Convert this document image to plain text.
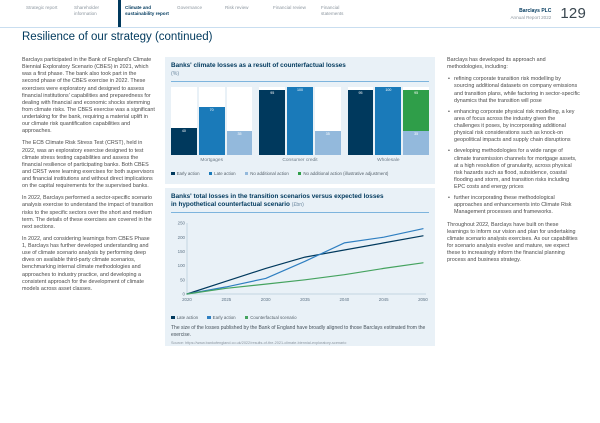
Strategic report	Shareholder information
Climate and sustainability report
Governance	Risk review	Financial review	Financial statements	Barclays PLC
Annual Report 2022 129
Resilience of our strategy (continued)

Barclays participated in the Bank of England's Climate Biennial Exploratory Scenario (CBES) in 2021, which was a first phase. The bank also took part in the second phase of the CBES exercise in 2022. These exercises were exploratory and designed to assess financial institutions' capabilities and preparedness for dealing with financial and economic shocks stemming from climate risks. The CBES exercise was a significant undertaking for the bank, requiring a material uplift in our climate risk quantification capabilities and approaches.

The ECB Climate Risk Stress Test (CRST), held in 2022, was an exploratory exercise designed to test climate stress testing capabilities and assess the financial resilience of participating banks. Both CBES and CRST were learning exercises for both supervisors and financial institutions and without direct implications on the capital requirements for the supervised banks.

In 2022, Barclays performed a sector-specific scenario analysis exercise to understand the impact of transition risks to the specific sectors over the short and medium term. The details of these exercises are covered in the next sections.

In 2022, and considering learnings from CBES Phase 1, Barclays has further developed understanding and use of climate scenario analysis by performing deep dives on available third-party climate scenarios, benchmarking internal climate methodologies and approaches to industry practice, and developing a consistent approach for the development of climate models across asset classes.

Banks' climate losses as a result of counterfactual losses
(%)
40
70
35
Mortgages
95
100
35
Consumer credit
95
100
35
95
Wholesale
Early action	Late action	No additional action	No additional action (illustrative adjustment)
Banks' total losses in the transition scenarios versus expected losses
in hypothetical counterfactual scenario (£bn)
0
50
100
150
200
250
2020	2025	2030	2035	2040	2045	2050
Late action	Early action	Counterfactual scenario
The size of the losses published by the Bank of England have broadly aligned to those Barclays estimated from the exercise.
Source: https://www.bankofengland.co.uk/2022/results-of-the-2021-climate-biennial-exploratory-scenario

Barclays has developed its approach and methodologies, including:

• refining corporate transition risk modelling by sourcing additional datasets on company emissions and transition plans, while factoring in sector-specific dynamics that the transition will pose
• enhancing corporate physical risk modelling, a key area of focus across the industry given the challenges it poses, by incorporating additional physical risk considerations such as knock-on geopolitical impacts and supply chain disruptions
• developing methodologies for a wide range of climate transmission channels for mortgage assets, at a high resolution of granularity, across physical risk hazards such as flood, subsidence, coastal flooding and storm, and transition risks including EPC costs and energy prices
• further incorporating these methodological approaches and enhancements into Climate Risk Management processes and frameworks.

Throughout 2022, Barclays have built on these learnings to inform our vision and plan for undertaking climate scenario analysis exercises. As our capabilities for scenario analysis evolve and mature, we expect these to increasingly inform the financial planning process and business strategy.
